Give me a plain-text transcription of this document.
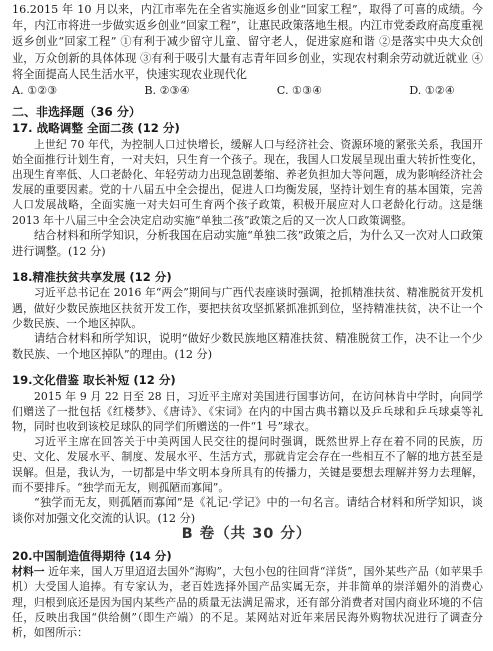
16.2015 年 10 月以来，内江市率先在全省实施返乡创业“回家工程”，取得了可喜的成绩。今年，内江市将进一步做实返乡创业“回家工程”，让惠民政策落地生根。内江市党委政府高度重视返乡创业“回家工程” ①有利于减少留守儿童、留守老人，促进家庭和谐 ②是落实中央大众创业，万众创新的具体体现 ③有利于吸引大量有志青年回乡创业，实现农村剩余劳动就近就业 ④将全面提高人民生活水平，快速实现农业现代化

A. ①②③	B. ②③④	C. ①③④	D. ①②④

二、非选择题（36 分）

17. 战略调整 全面二孩 (12 分)

上世纪 70 年代，为控制人口过快增长，缓解人口与经济社会、资源环境的紧张关系，我国开始全面推行计划生育，一对夫妇，只生育一个孩子。现在，我国人口发展呈现出重大转折性变化，出现生育率低、人口老龄化、年轻劳动力出现急剧萎缩、养老负担加大等问题，成为影响经济社会发展的重要因素。党的十八届五中全会提出，促进人口均衡发展，坚持计划生育的基本国策，完善人口发展战略，全面实施一对夫妇可生育两个孩子政策，积极开展应对人口老龄化行动。这是继 2013 年十八届三中全会决定启动实施“单独二孩”政策之后的又一次人口政策调整。

结合材料和所学知识，分析我国在启动实施“单独二孩”政策之后，为什么又一次对人口政策进行调整。(12 分)

18.精准扶贫共享发展 (12 分)

习近平总书记在 2016 年“两会”期间与广西代表座谈时强调，抢抓精准扶贫、精准脱贫开发机遇，做好少数民族地区扶贫开发工作，要把扶贫攻坚抓紧抓准抓到位，坚持精准扶贫，决不让一个少数民族、一个地区掉队。

请结合材料和所学知识，说明“做好少数民族地区精准扶贫、精准脱贫工作，决不让一个少数民族、一个地区掉队”的理由。(12 分)

19.文化借鉴 取长补短 (12 分)

2015 年 9 月 22 日至 28 日，习近平主席对美国进行国事访问，在访问林肯中学时，向同学们赠送了一批包括《红楼梦》、《唐诗》、《宋词》在内的中国古典书籍以及乒乓球和乒乓球桌等礼物，同时也收到该校足球队的同学们所赠送的一件“1 号”球衣。

习近平主席在回答关于中美两国人民交往的提问时强调，既然世界上存在着不同的民族，历史、文化、发展水平、制度、发展水平、生活方式，那就肯定会存在一些相互不了解的地方甚至是误解。但是，我认为，一切都是中华文明本身所具有的传播力，关键是要想去理解并努力去理解，而不要排斥。“独学而无友，则孤陋而寡闻”。

“独学而无友，则孤陋而寡闻”是《礼记·学记》中的一句名言。请结合材料和所学知识，谈谈你对加强文化交流的认识。(12 分)

B 卷（共 30 分）

20.中国制造值得期待 (14 分)

材料一 近年来，国人万里迢迢去国外“海购”，大包小包的往回背“洋货”，国外某些产品（如苹果手机）大受国人追捧。有专家认为，老百姓选择外国产品实属无奈，并非简单的崇洋媚外的消费心理，归根到底还是因为国内某些产品的质量无法满足需求，还有部分消费者对国内商业环境的不信任，反映出我国“供给侧”（即生产端）的不足。某网站对近年来居民海外购物状况进行了调查分析，如图所示：
